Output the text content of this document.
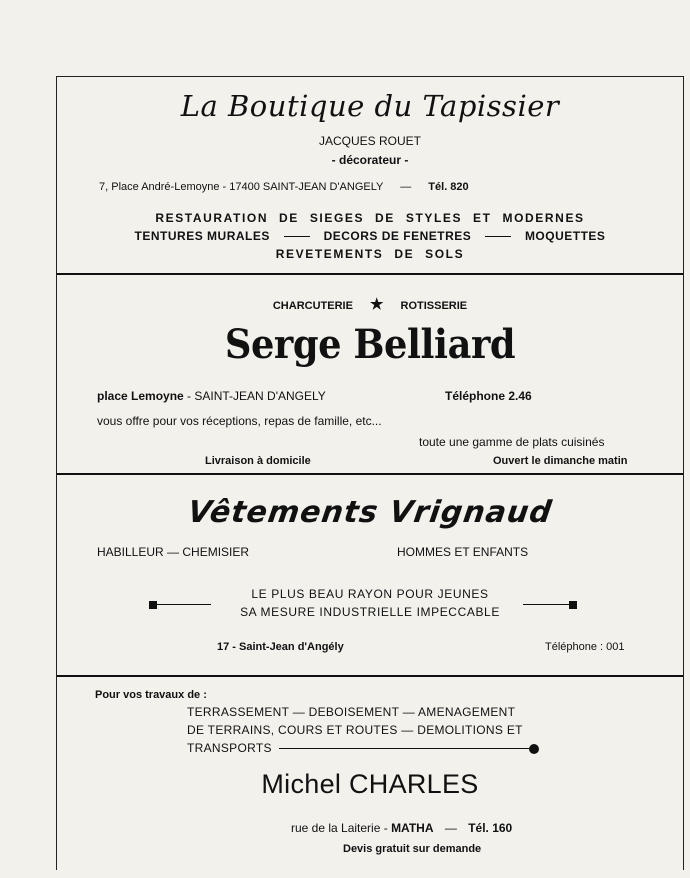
La Boutique du Tapissier
JACQUES ROUET
- décorateur -
7, Place André-Lemoyne - 17400 SAINT-JEAN D'ANGELY — Tél. 820
RESTAURATION DE SIEGES DE STYLES ET MODERNES
TENTURES MURALES	DECORS DE FENETRES	MOQUETTES
REVETEMENTS DE SOLS
CHARCUTERIE ★ ROTISSERIE
Serge Belliard
place Lemoyne - SAINT-JEAN D'ANGELY	Téléphone 2.46
vous offre pour vos réceptions, repas de famille, etc...
toute une gamme de plats cuisinés
Livraison à domicile	Ouvert le dimanche matin
Vêtements Vrignaud
HABILLEUR — CHEMISIER	HOMMES ET ENFANTS
LE PLUS BEAU RAYON POUR JEUNES
SA MESURE INDUSTRIELLE IMPECCABLE
17 - Saint-Jean d'Angély	Téléphone : 001
Pour vos travaux de :
TERRASSEMENT — DEBOISEMENT — AMENAGEMENT
DE TERRAINS, COURS ET ROUTES — DEMOLITIONS ET
TRANSPORTS
Michel CHARLES
rue de la Laiterie - MATHA — Tél. 160
Devis gratuit sur demande
